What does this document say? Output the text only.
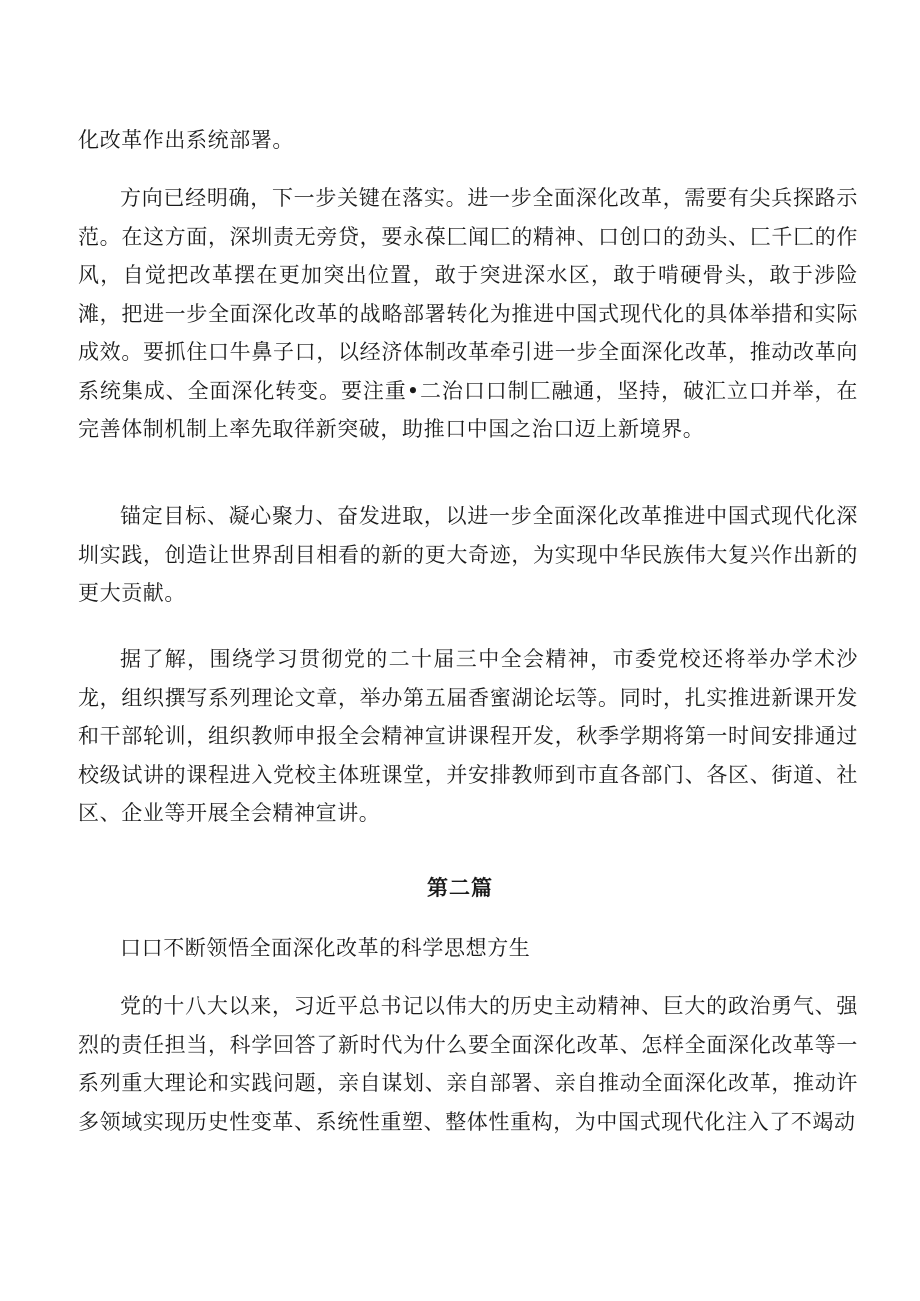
化改革作出系统部署。

方向已经明确，下一步关键在落实。进一步全面深化改革，需要有尖兵探路示范。在这方面，深圳责无旁贷，要永葆匚闻匚的精神、口创口的劲头、匚千匚的作风，自觉把改革摆在更加突出位置，敢于突进深水区，敢于啃硬骨头，敢于涉险滩，把进一步全面深化改革的战略部署转化为推进中国式现代化的具体举措和实际成效。要抓住口牛鼻子口，以经济体制改革牵引进一步全面深化改革，推动改革向系统集成、全面深化转变。要注重•二治口口制匚融通，坚持，破汇立口并举，在完善体制机制上率先取徉新突破，助推口中国之治口迈上新境界。

锚定目标、凝心聚力、奋发进取，以进一步全面深化改革推进中国式现代化深圳实践，创造让世界刮目相看的新的更大奇迹，为实现中华民族伟大复兴作出新的更大贡献。

据了解，围绕学习贯彻党的二十届三中全会精神，市委党校还将举办学术沙龙，组织撰写系列理论文章，举办第五届香蜜湖论坛等。同时，扎实推进新课开发和干部轮训，组织教师申报全会精神宣讲课程开发，秋季学期将第一时间安排通过校级试讲的课程进入党校主体班课堂，并安排教师到市直各部门、各区、街道、社区、企业等开展全会精神宣讲。

第二篇

口口不断领悟全面深化改革的科学思想方生

党的十八大以来，习近平总书记以伟大的历史主动精神、巨大的政治勇气、强烈的责任担当，科学回答了新时代为什么要全面深化改革、怎样全面深化改革等一系列重大理论和实践问题，亲自谋划、亲自部署、亲自推动全面深化改革，推动许多领域实现历史性变革、系统性重塑、整体性重构，为中国式现代化注入了不竭动
